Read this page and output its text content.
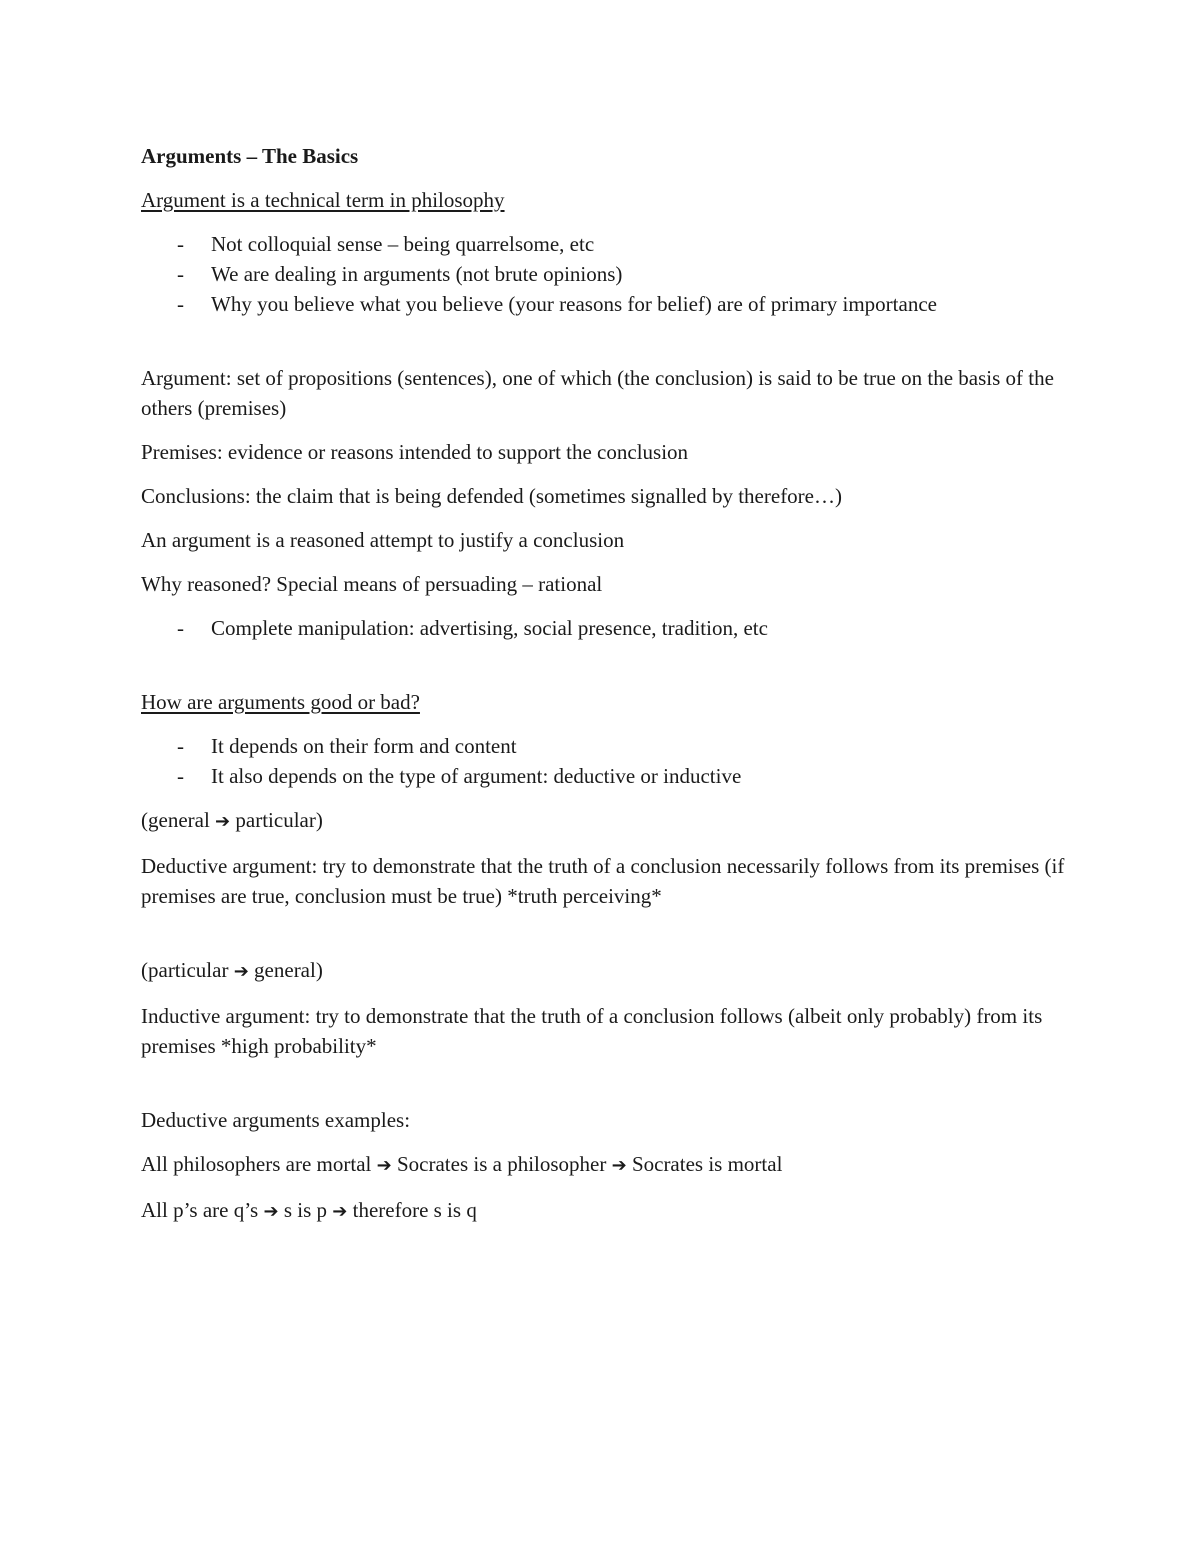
Arguments – The Basics

Argument is a technical term in philosophy

- Not colloquial sense – being quarrelsome, etc
- We are dealing in arguments (not brute opinions)
- Why you believe what you believe (your reasons for belief) are of primary importance

Argument: set of propositions (sentences), one of which (the conclusion) is said to be true on the basis of the others (premises)

Premises: evidence or reasons intended to support the conclusion

Conclusions: the claim that is being defended (sometimes signalled by therefore…)

An argument is a reasoned attempt to justify a conclusion

Why reasoned? Special means of persuading – rational

- Complete manipulation: advertising, social presence, tradition, etc

How are arguments good or bad?

- It depends on their form and content
- It also depends on the type of argument: deductive or inductive

(general ➔ particular)

Deductive argument: try to demonstrate that the truth of a conclusion necessarily follows from its premises (if premises are true, conclusion must be true) *truth perceiving*

(particular ➔ general)

Inductive argument: try to demonstrate that the truth of a conclusion follows (albeit only probably) from its premises *high probability*

Deductive arguments examples:

All philosophers are mortal ➔ Socrates is a philosopher ➔ Socrates is mortal

All p’s are q’s ➔ s is p ➔ therefore s is q
